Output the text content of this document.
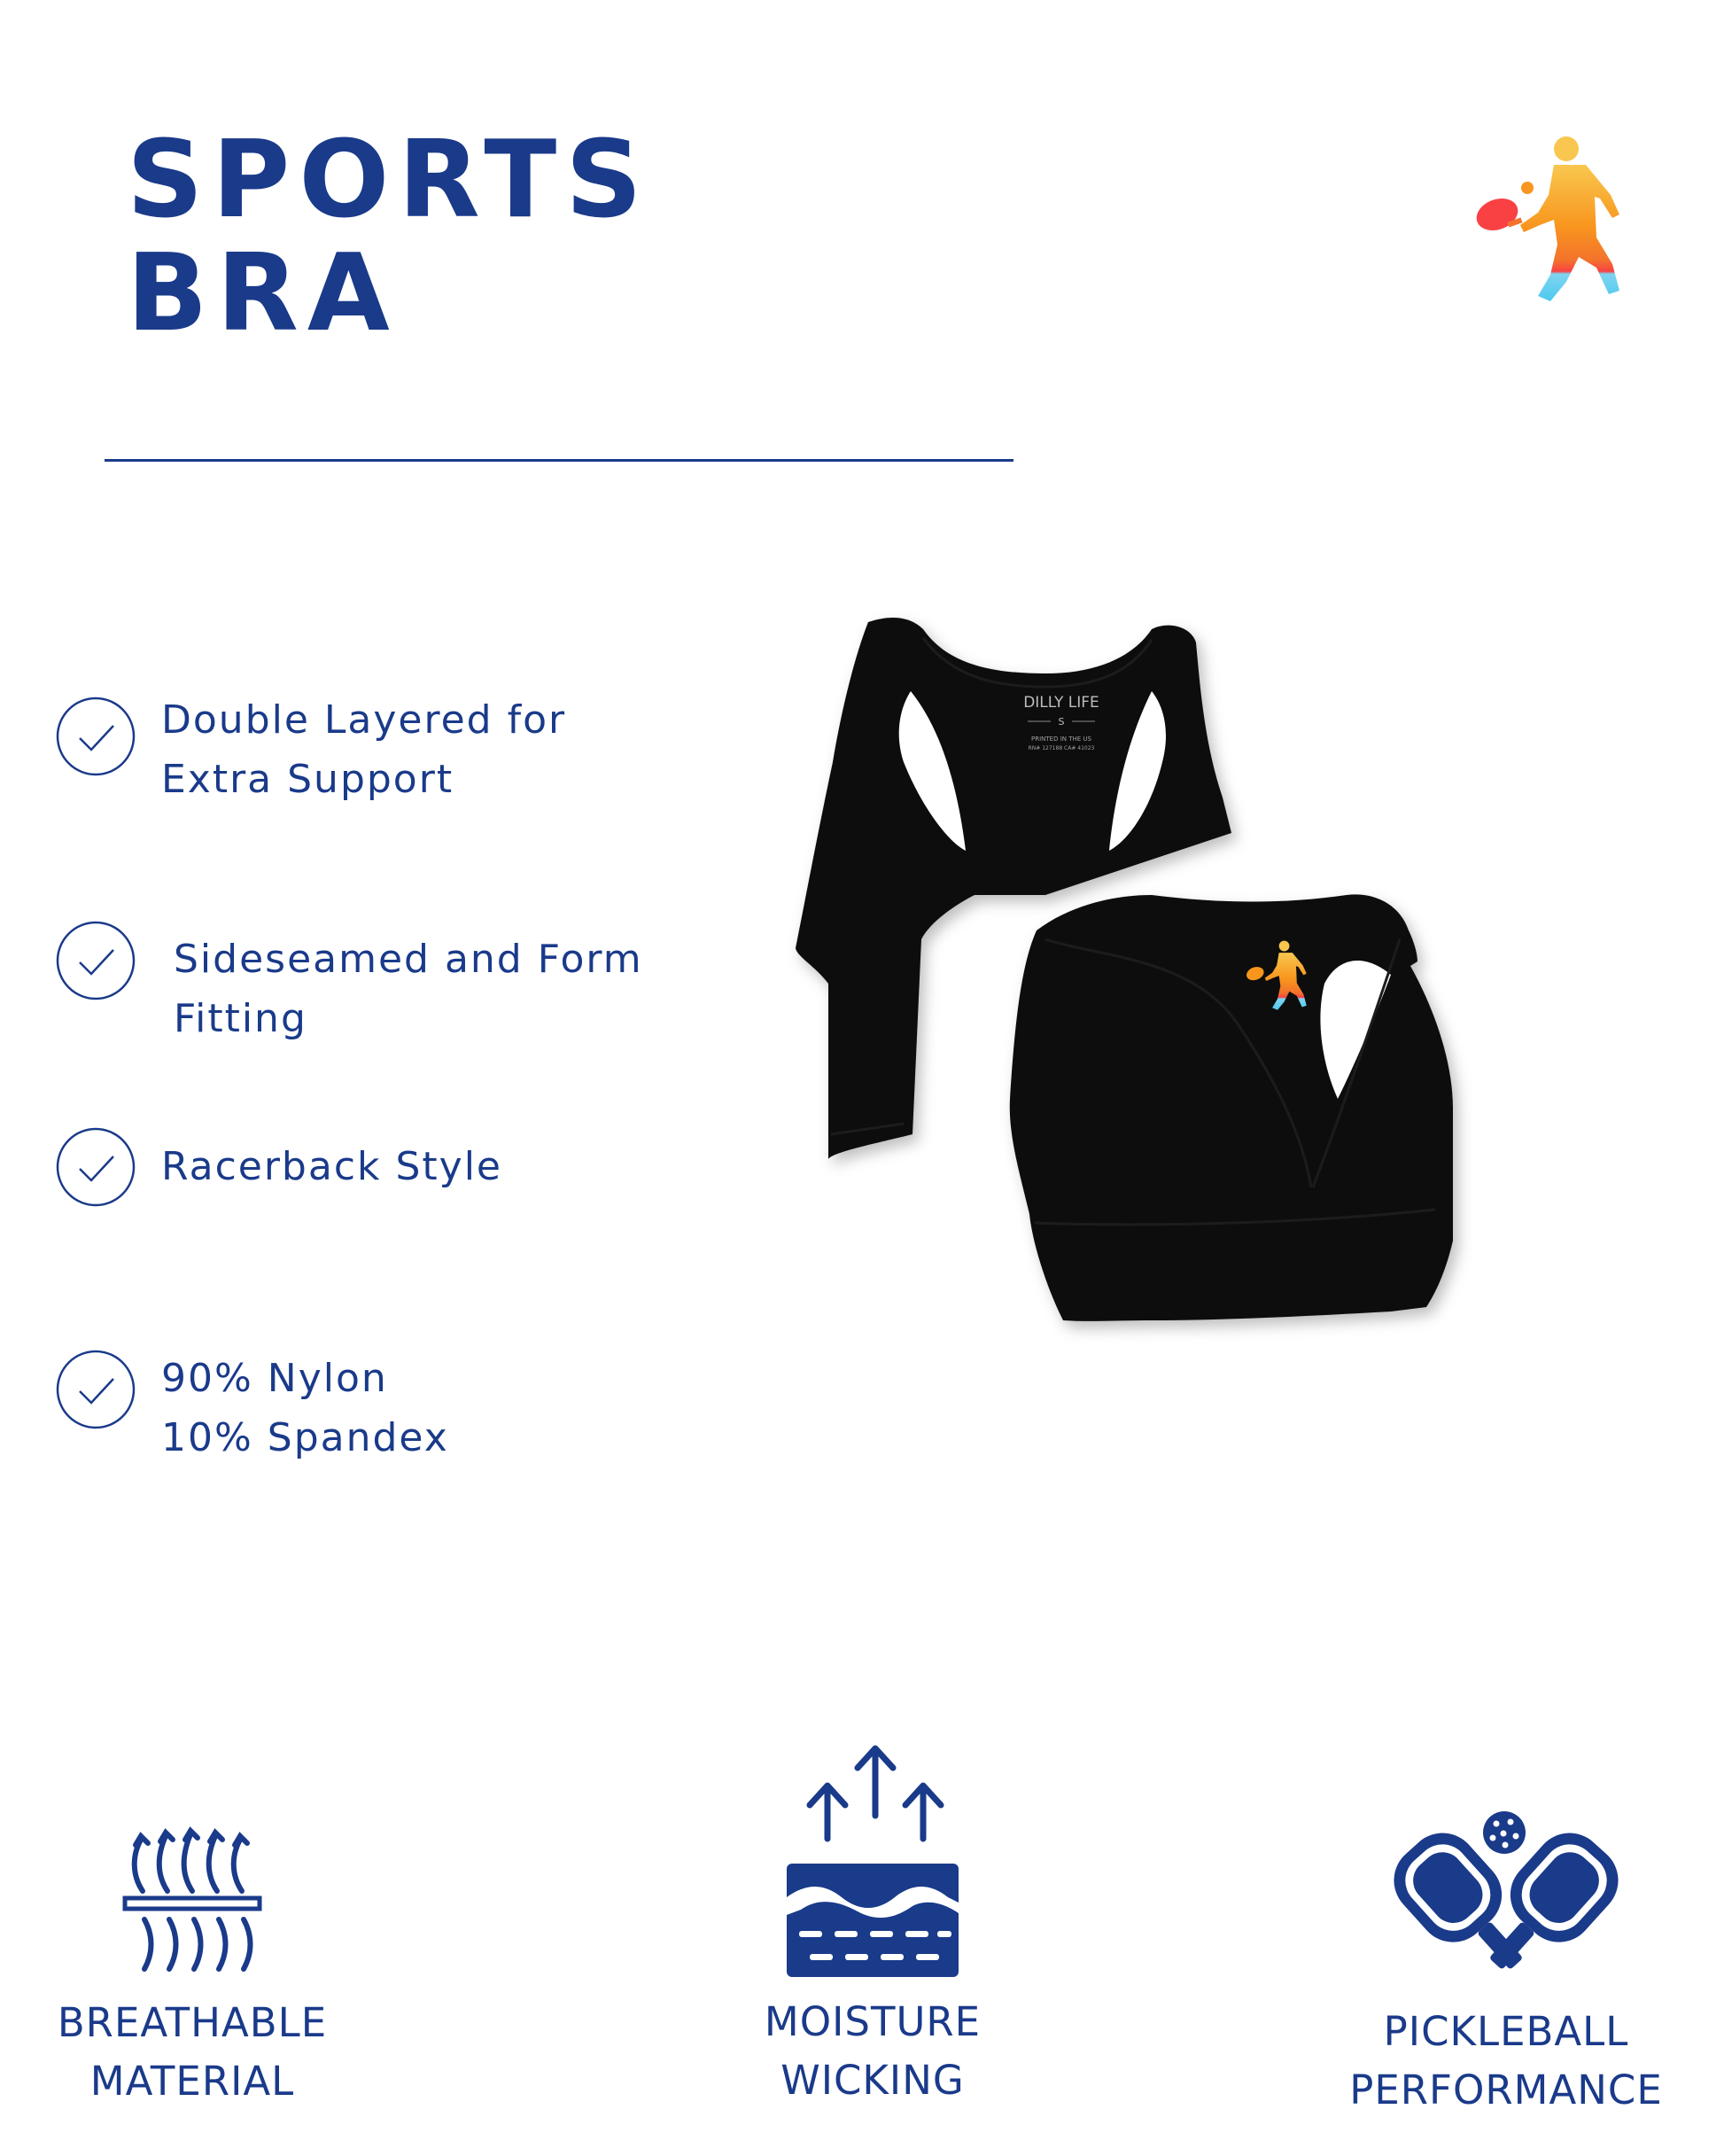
SPORTS
BRA
Double Layered for
Extra Support
Sideseamed and Form
Fitting
Racerback Style
90% Nylon
10% Spandex
DILLY LIFE
S
PRINTED IN THE US
RN# 127188 CA# 41023
BREATHABLE
MATERIAL
MOISTURE
WICKING
PICKLEBALL
PERFORMANCE
